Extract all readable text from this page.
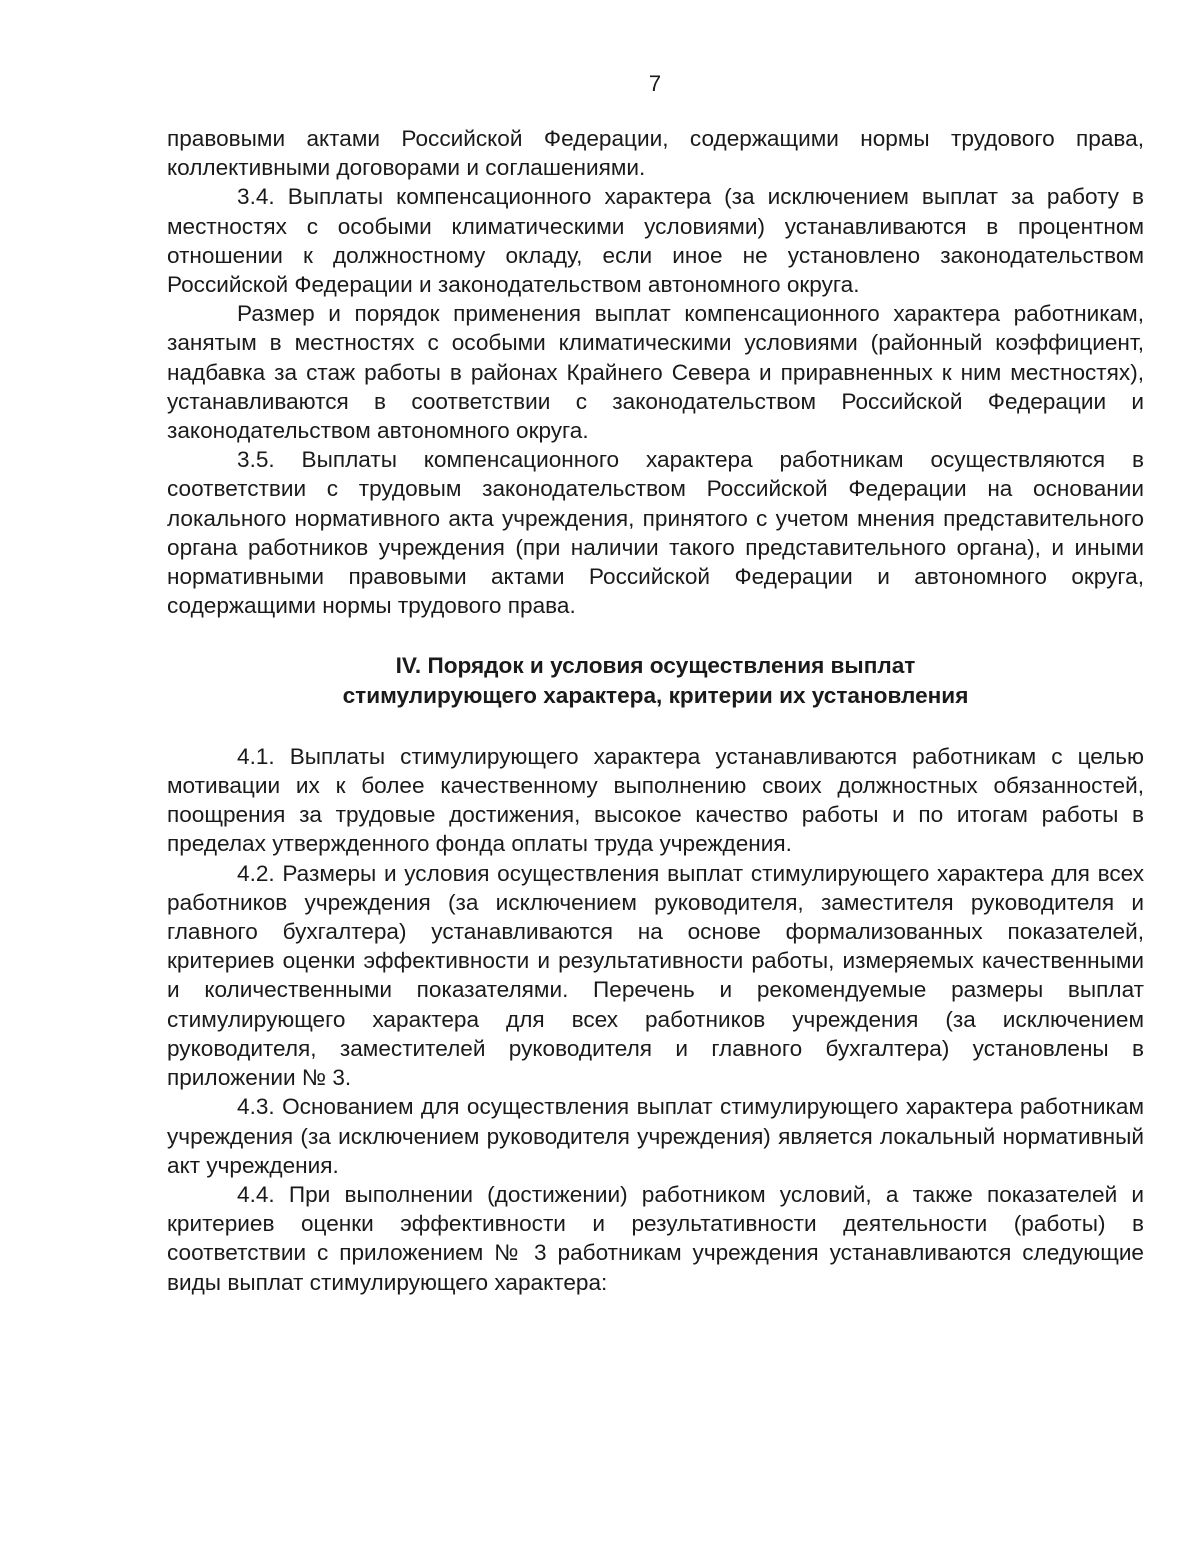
7

правовыми актами Российской Федерации, содержащими нормы трудового права, коллективными договорами и соглашениями.

3.4. Выплаты компенсационного характера (за исключением выплат за работу в местностях с особыми климатическими условиями) устанавливаются в процентном отношении к должностному окладу, если иное не установлено законодательством Российской Федерации и законодательством автономного округа.

Размер и порядок применения выплат компенсационного характера работникам, занятым в местностях с особыми климатическими условиями (районный коэффициент, надбавка за стаж работы в районах Крайнего Севера и приравненных к ним местностях), устанавливаются в соответствии с законодательством Российской Федерации и законодательством автономного округа.

3.5. Выплаты компенсационного характера работникам осуществляются в соответствии с трудовым законодательством Российской Федерации на основании локального нормативного акта учреждения, принятого с учетом мнения представительного органа работников учреждения (при наличии такого представительного органа), и иными нормативными правовыми актами Российской Федерации и автономного округа, содержащими нормы трудового права.

IV. Порядок и условия осуществления выплат
стимулирующего характера, критерии их установления

4.1. Выплаты стимулирующего характера устанавливаются работникам с целью мотивации их к более качественному выполнению своих должностных обязанностей, поощрения за трудовые достижения, высокое качество работы и по итогам работы в пределах утвержденного фонда оплаты труда учреждения.

4.2. Размеры и условия осуществления выплат стимулирующего характера для всех работников учреждения (за исключением руководителя, заместителя руководителя и главного бухгалтера) устанавливаются на основе формализованных показателей, критериев оценки эффективности и результативности работы, измеряемых качественными и количественными показателями. Перечень и рекомендуемые размеры выплат стимулирующего характера для всех работников учреждения (за исключением руководителя, заместителей руководителя и главного бухгалтера) установлены в приложении № 3.

4.3. Основанием для осуществления выплат стимулирующего характера работникам учреждения (за исключением руководителя учреждения) является локальный нормативный акт учреждения.

4.4. При выполнении (достижении) работником условий, а также показателей и критериев оценки эффективности и результативности деятельности (работы) в соответствии с приложением № 3 работникам учреждения устанавливаются следующие виды выплат стимулирующего характера:
